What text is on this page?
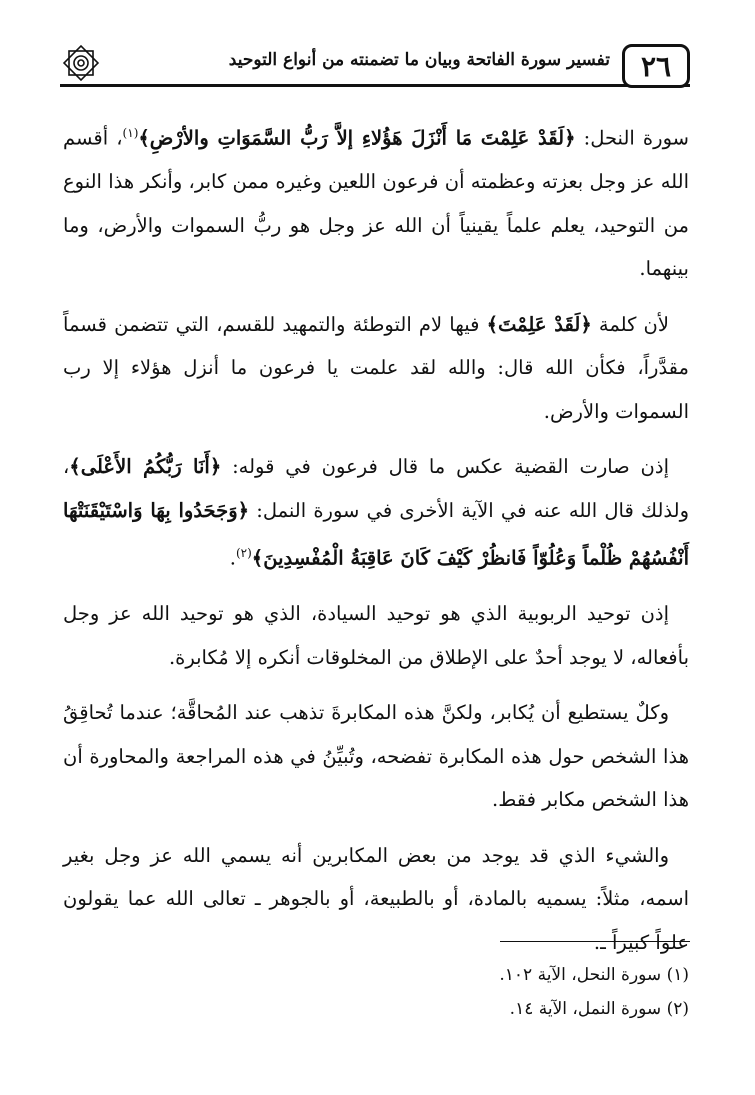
تفسير سورة الفاتحة وبيان ما تضمنته من أنواع التوحيد	٢٦

سورة النحل: ﴿لَقَدْ عَلِمْتَ مَا أَنْزَلَ هَؤُلاءِ إلاَّ رَبُّ السَّمَوَاتِ والأرْضِ﴾$^{(١)}$، أقسم الله عز وجل بعزته وعظمته أن فرعون اللعين وغيره ممن كابر، وأنكر هذا النوع من التوحيد، يعلم علماً يقينياً أن الله عز وجل هو ربُّ السموات والأرض، وما بينهما.

لأن كلمة ﴿لَقَدْ عَلِمْتَ﴾ فيها لام التوطئة والتمهيد للقسم، التي تتضمن قسماً مقدَّراً، فكأن الله قال: والله لقد علمت يا فرعون ما أنزل هؤلاء إلا رب السموات والأرض.

إذن صارت القضية عكس ما قال فرعون في قوله: ﴿أَنَا رَبُّكُمُ الأَعْلَى﴾، ولذلك قال الله عنه في الآية الأخرى في سورة النمل: ﴿وَجَحَدُوا بِهَا وَاسْتَيْقَنَتْهَا أَنْفُسُهُمْ ظُلْماً وَعُلُوّاً فَانظُرْ كَيْفَ كَانَ عَاقِبَةُ الْمُفْسِدِينَ﴾$^{(٢)}$.

إذن توحيد الربوبية الذي هو توحيد السيادة، الذي هو توحيد الله عز وجل بأفعاله، لا يوجد أحدٌ على الإطلاق من المخلوقات أنكره إلا مُكابرة.

وكلٌ يستطيع أن يُكابر، ولكنَّ هذه المكابرةَ تذهب عند المُحاقَّة؛ عندما تُحاقِقُ هذا الشخص حول هذه المكابرة تفضحه، وتُبيِّنُ في هذه المراجعة والمحاورة أن هذا الشخص مكابر فقط.

والشيء الذي قد يوجد من بعض المكابرين أنه يسمي الله عز وجل بغير اسمه، مثلاً: يسميه بالمادة، أو بالطبيعة، أو بالجوهر ـ تعالى الله عما يقولون علواً كبيراً ـ.

(١) سورة النحل، الآية ١٠٢.
(٢) سورة النمل، الآية ١٤.
